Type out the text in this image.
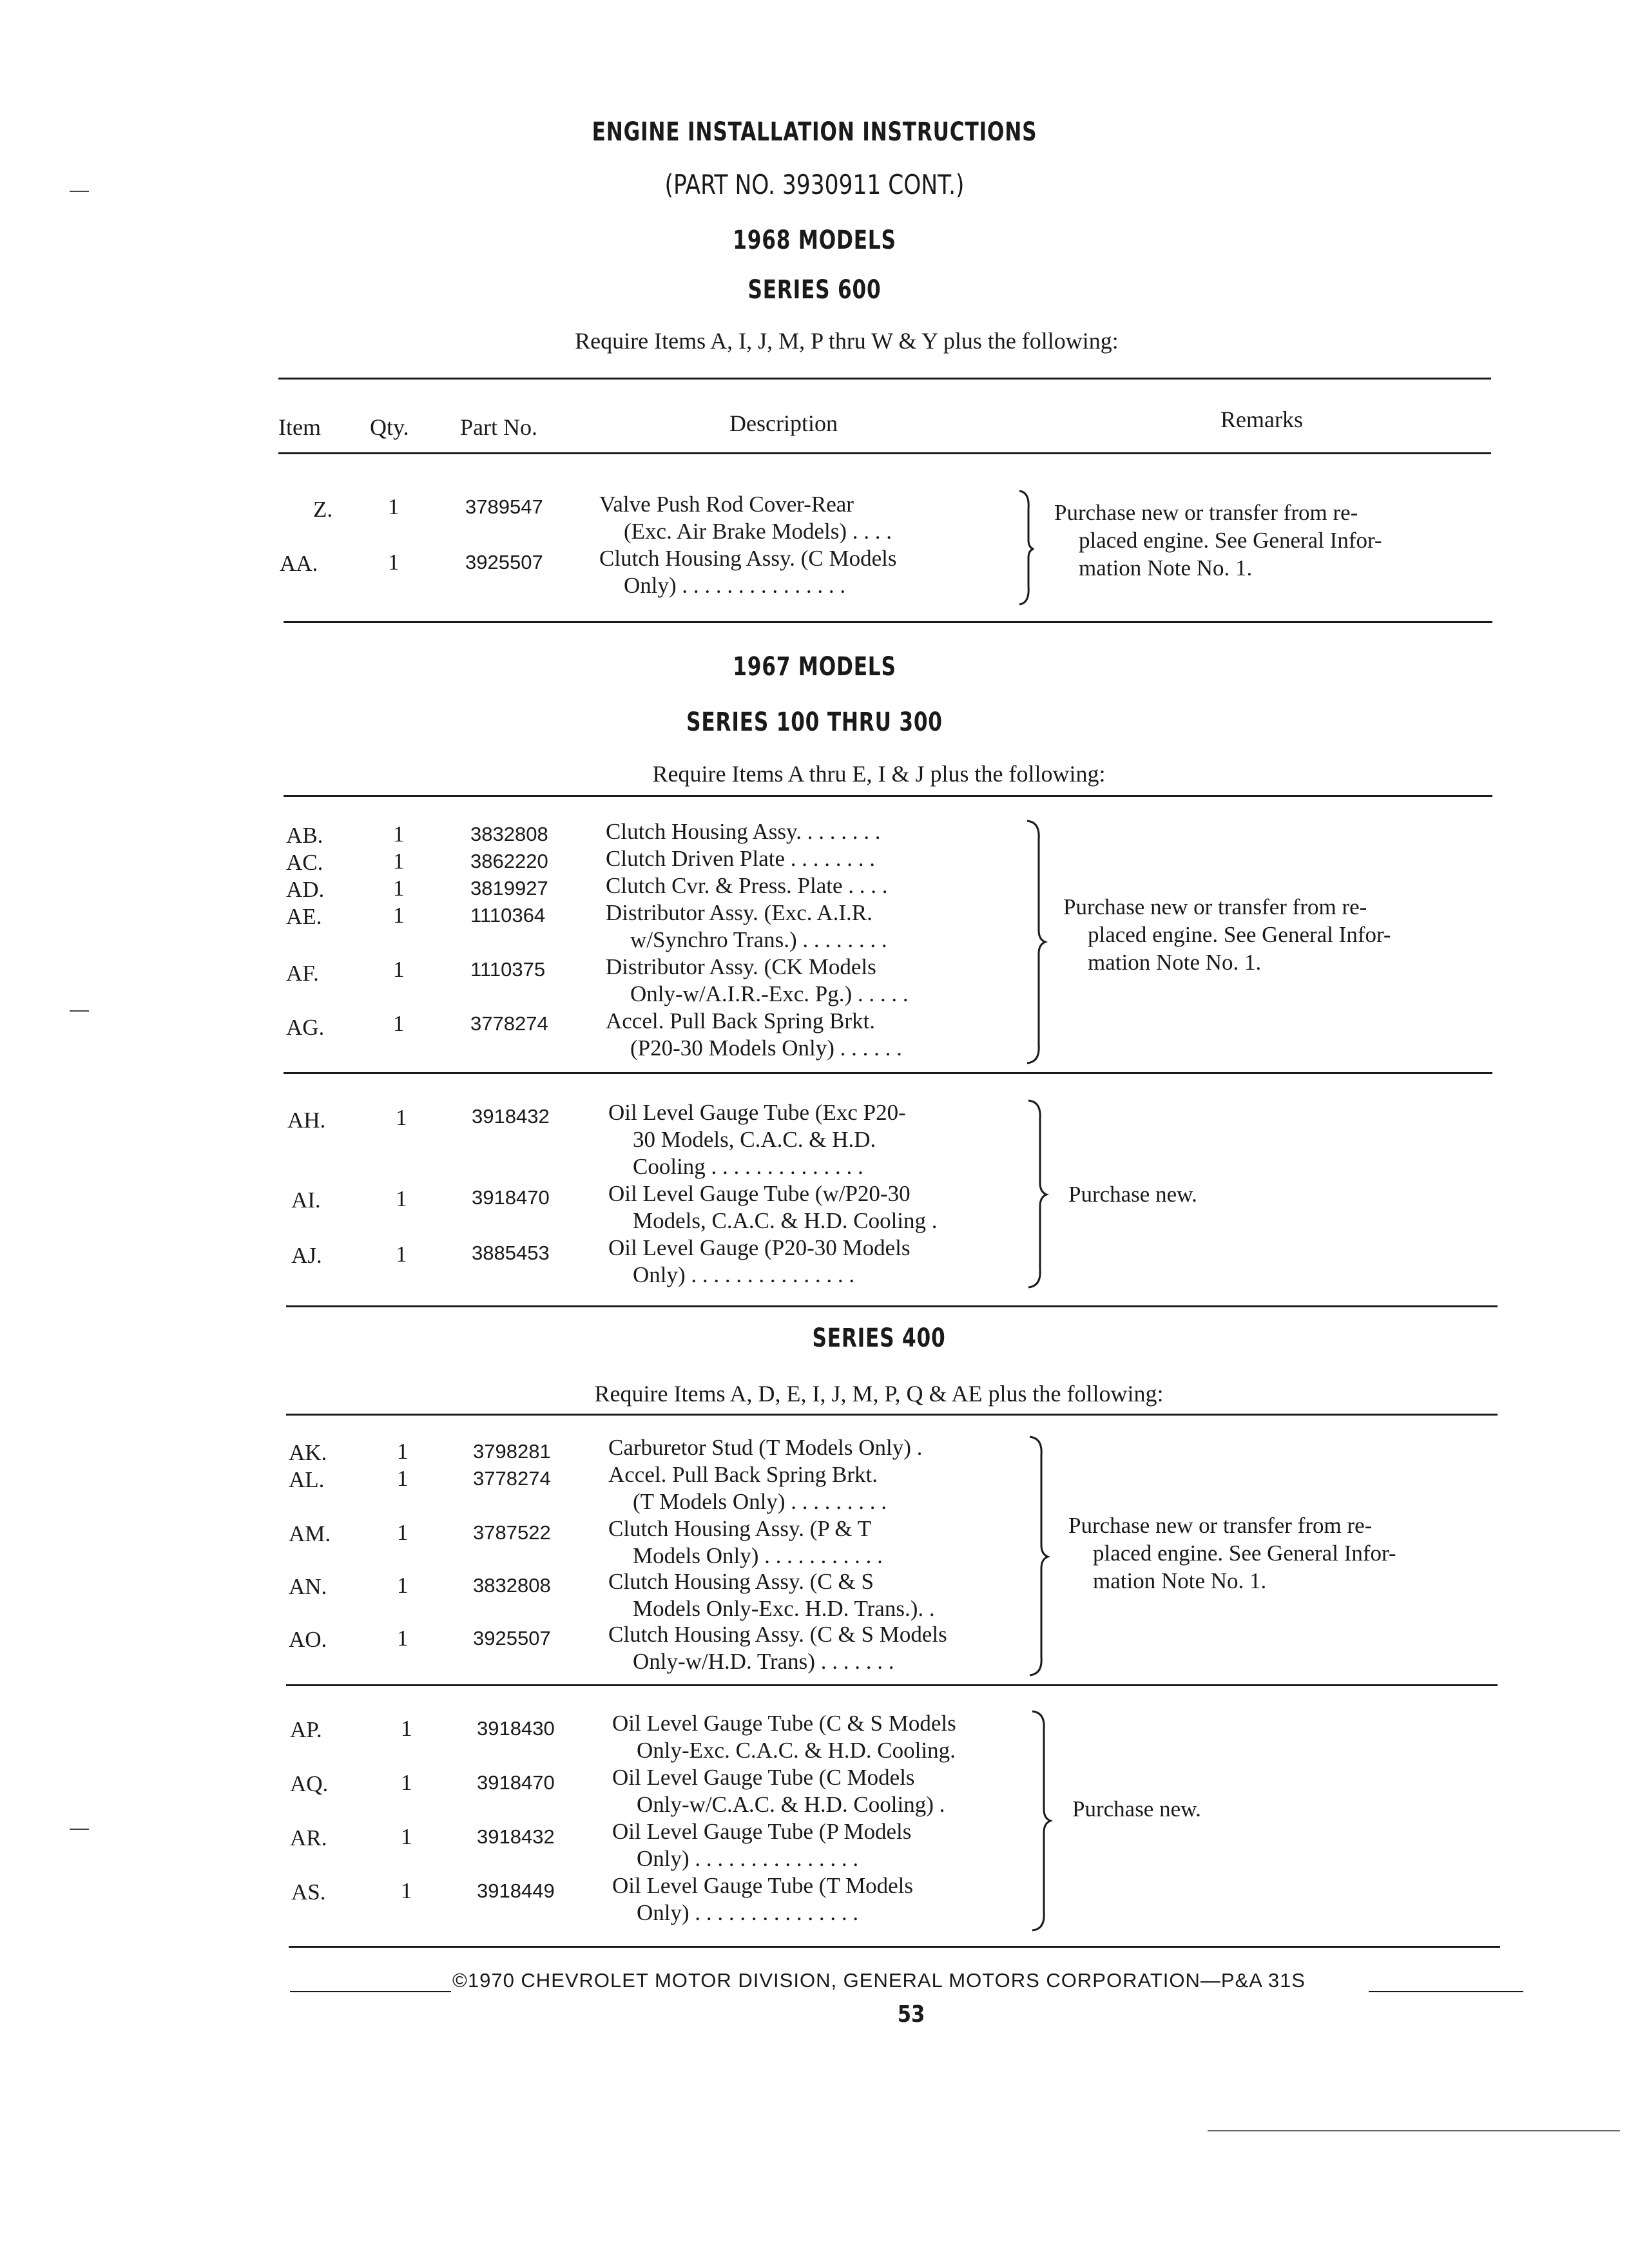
ENGINE INSTALLATION INSTRUCTIONS
(PART NO. 3930911 CONT.)
1968 MODELS
SERIES 600
Require Items A, I, J, M, P thru W & Y plus the following:
Item Qty. Part No.	Description	Remarks
Z. 1	3789547 Valve Push Rod Cover-Rear
(Exc. Air Brake Models) . . . .
AA.	1	3925507 Clutch Housing Assy. (C Models
Only) . . . . . . . . . . . . . . .
Purchase new or transfer from re-
placed engine. See General Infor-
mation Note No. 1.
1967 MODELS
SERIES 100 THRU 300
Require Items A thru E, I & J plus the following:
AB.	1	3832808	Clutch Housing Assy. . . . . . . .
AC.	1	3862220	Clutch Driven Plate . . . . . . . .
AD.	1	3819927	Clutch Cvr. & Press. Plate . . . .
AE.	1	1110364	Distributor Assy. (Exc. A.I.R.
w/Synchro Trans.) . . . . . . . .
AF.	1	1110375	Distributor Assy. (CK Models
Only-w/A.I.R.-Exc. Pg.) . . . . .
AG.	1	3778274	Accel. Pull Back Spring Brkt.
(P20-30 Models Only) . . . . . .
Purchase new or transfer from re-
placed engine. See General Infor-
mation Note No. 1.
AH.	1	3918432	Oil Level Gauge Tube (Exc P20-
30 Models, C.A.C. & H.D.
Cooling . . . . . . . . . . . . . .
AI.	1	3918470	Oil Level Gauge Tube (w/P20-30
Models, C.A.C. & H.D. Cooling .
AJ.	1	3885453	Oil Level Gauge (P20-30 Models
Only) . . . . . . . . . . . . . . .
Purchase new.
SERIES 400
Require Items A, D, E, I, J, M, P, Q & AE plus the following:
AK.	1	3798281	Carburetor Stud (T Models Only) .
AL.	1	3778274	Accel. Pull Back Spring Brkt.
(T Models Only) . . . . . . . . .
AM.	1	3787522	Clutch Housing Assy. (P & T
Models Only) . . . . . . . . . . .
AN.	1	3832808	Clutch Housing Assy. (C & S
Models Only-Exc. H.D. Trans.). .
AO.	1	3925507	Clutch Housing Assy. (C & S Models
Only-w/H.D. Trans) . . . . . . .
Purchase new or transfer from re-
placed engine. See General Infor-
mation Note No. 1.
AP.	1	3918430	Oil Level Gauge Tube (C & S Models
Only-Exc. C.A.C. & H.D. Cooling.
AQ.	1	3918470	Oil Level Gauge Tube (C Models
Only-w/C.A.C. & H.D. Cooling) .
AR.	1	3918432	Oil Level Gauge Tube (P Models
Only) . . . . . . . . . . . . . . .
AS.	1	3918449	Oil Level Gauge Tube (T Models
Only) . . . . . . . . . . . . . . .
Purchase new.
©1970 CHEVROLET MOTOR DIVISION, GENERAL MOTORS CORPORATION—P&A 31S
53
